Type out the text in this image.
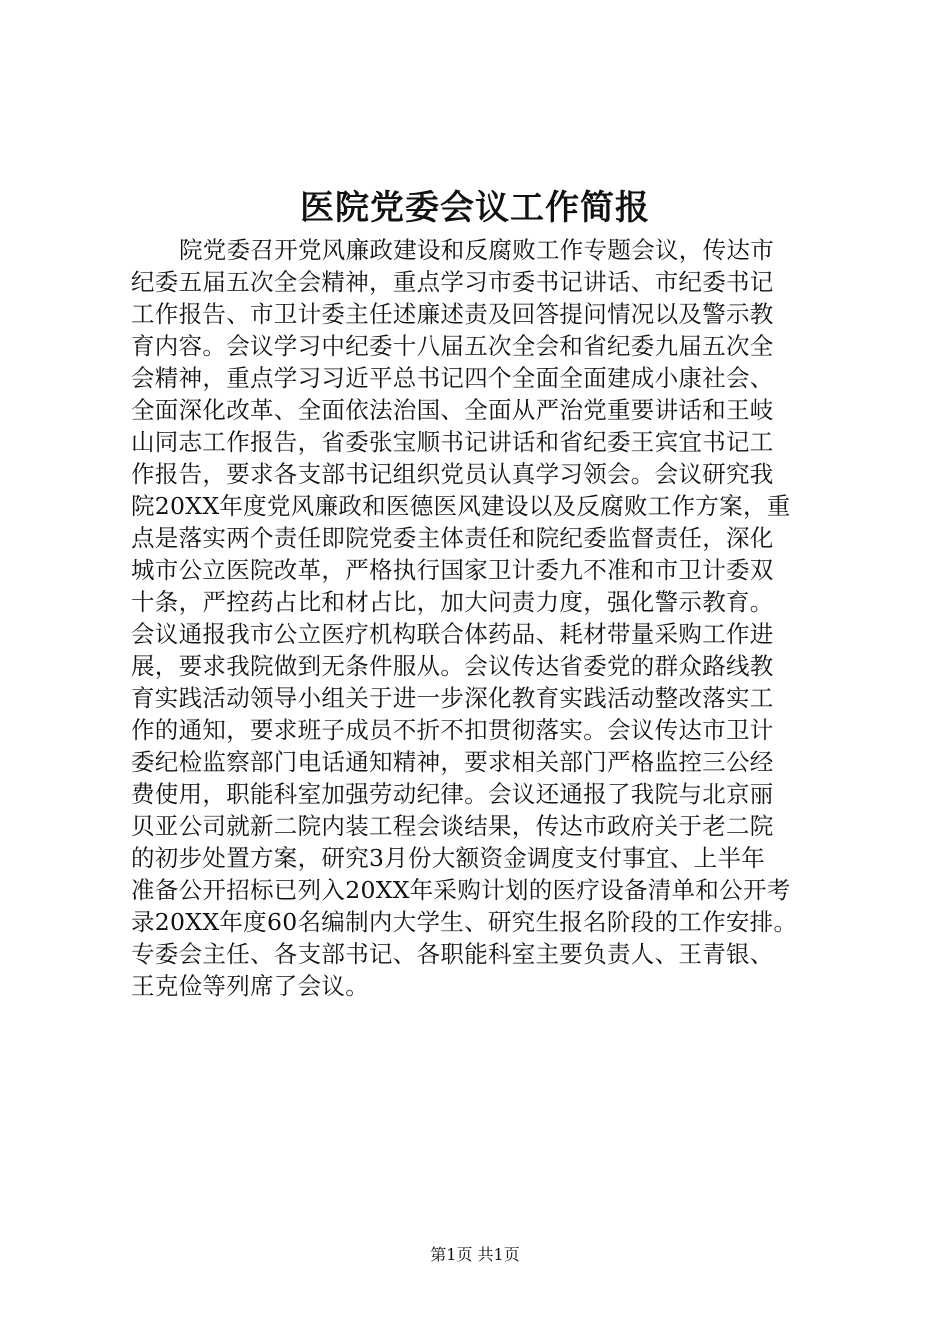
医院党委会议工作简报
院党委召开党风廉政建设和反腐败工作专题会议，传达市
纪委五届五次全会精神，重点学习市委书记讲话、市纪委书记
工作报告、市卫计委主任述廉述责及回答提问情况以及警示教
育内容。会议学习中纪委十八届五次全会和省纪委九届五次全
会精神，重点学习习近平总书记四个全面全面建成小康社会、
全面深化改革、全面依法治国、全面从严治党重要讲话和王岐
山同志工作报告，省委张宝顺书记讲话和省纪委王宾宜书记工
作报告，要求各支部书记组织党员认真学习领会。会议研究我
院20XX年度党风廉政和医德医风建设以及反腐败工作方案，重
点是落实两个责任即院党委主体责任和院纪委监督责任，深化
城市公立医院改革，严格执行国家卫计委九不准和市卫计委双
十条，严控药占比和材占比，加大问责力度，强化警示教育。
会议通报我市公立医疗机构联合体药品、耗材带量采购工作进
展，要求我院做到无条件服从。会议传达省委党的群众路线教
育实践活动领导小组关于进一步深化教育实践活动整改落实工
作的通知，要求班子成员不折不扣贯彻落实。会议传达市卫计
委纪检监察部门电话通知精神，要求相关部门严格监控三公经
费使用，职能科室加强劳动纪律。会议还通报了我院与北京丽
贝亚公司就新二院内装工程会谈结果，传达市政府关于老二院
的初步处置方案，研究3月份大额资金调度支付事宜、上半年
准备公开招标已列入20XX年采购计划的医疗设备清单和公开考
录20XX年度60名编制内大学生、研究生报名阶段的工作安排。
专委会主任、各支部书记、各职能科室主要负责人、王青银、
王克俭等列席了会议。
第1页 共1页
